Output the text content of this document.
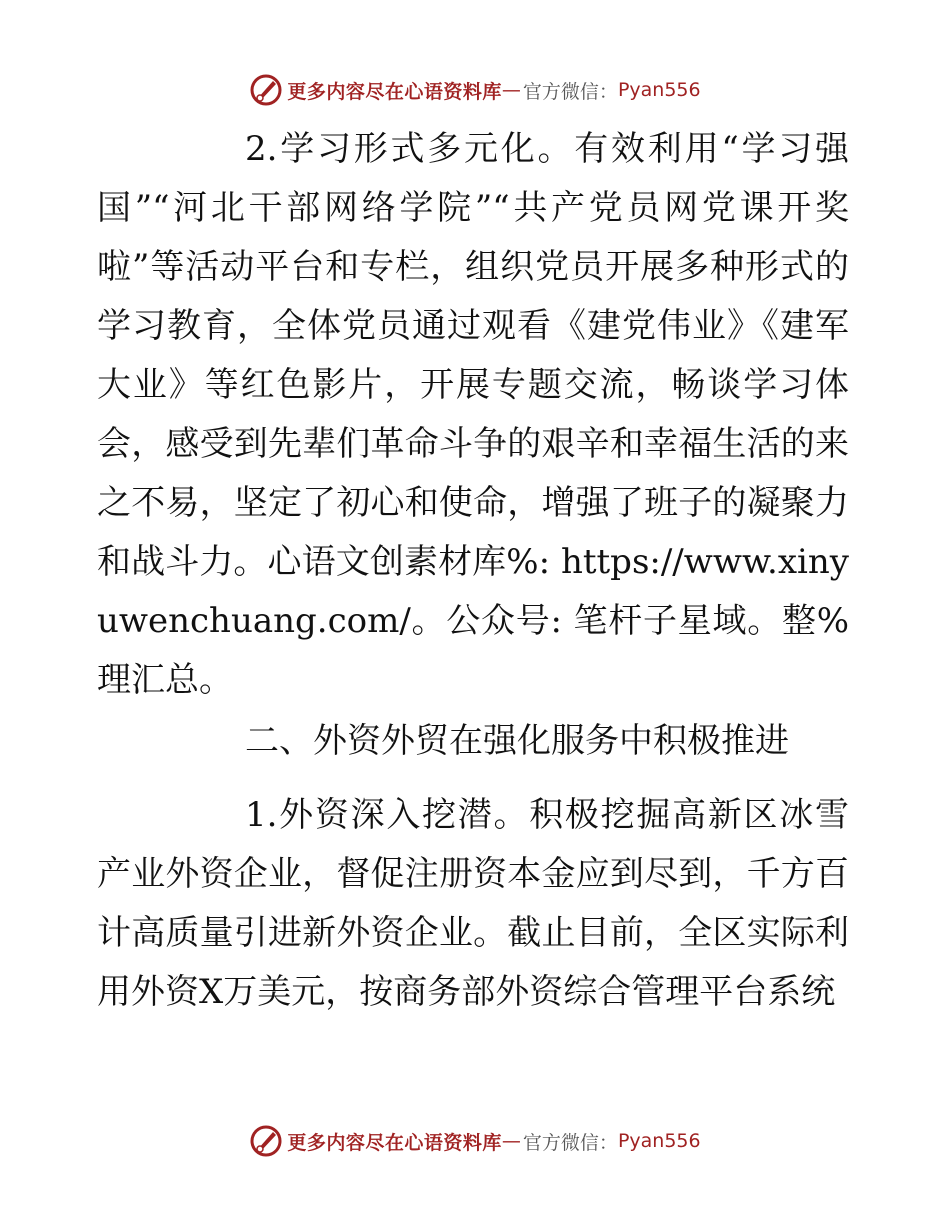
更多内容尽在心语资料库 — 官方微信： Pyan556

2.学习形式多元化。有效利用“学习强国”“河北干部网络学院”“共产党员网党课开奖啦”等活动平台和专栏，组织党员开展多种形式的学习教育，全体党员通过观看《建党伟业》《建军大业》等红色影片，开展专题交流，畅谈学习体会，感受到先辈们革命斗争的艰辛和幸福生活的来之不易，坚定了初心和使命，增强了班子的凝聚力和战斗力。心语文创素材库%: https://www.xinyuwenchuang.com/。公众号: 笔杆子星域。整%理汇总。

二、外资外贸在强化服务中积极推进

1.外资深入挖潜。积极挖掘高新区冰雪产业外资企业，督促注册资本金应到尽到，千方百计高质量引进新外资企业。截止目前，全区实际利用外资X万美元，按商务部外资综合管理平台系统

更多内容尽在心语资料库 — 官方微信： Pyan556
